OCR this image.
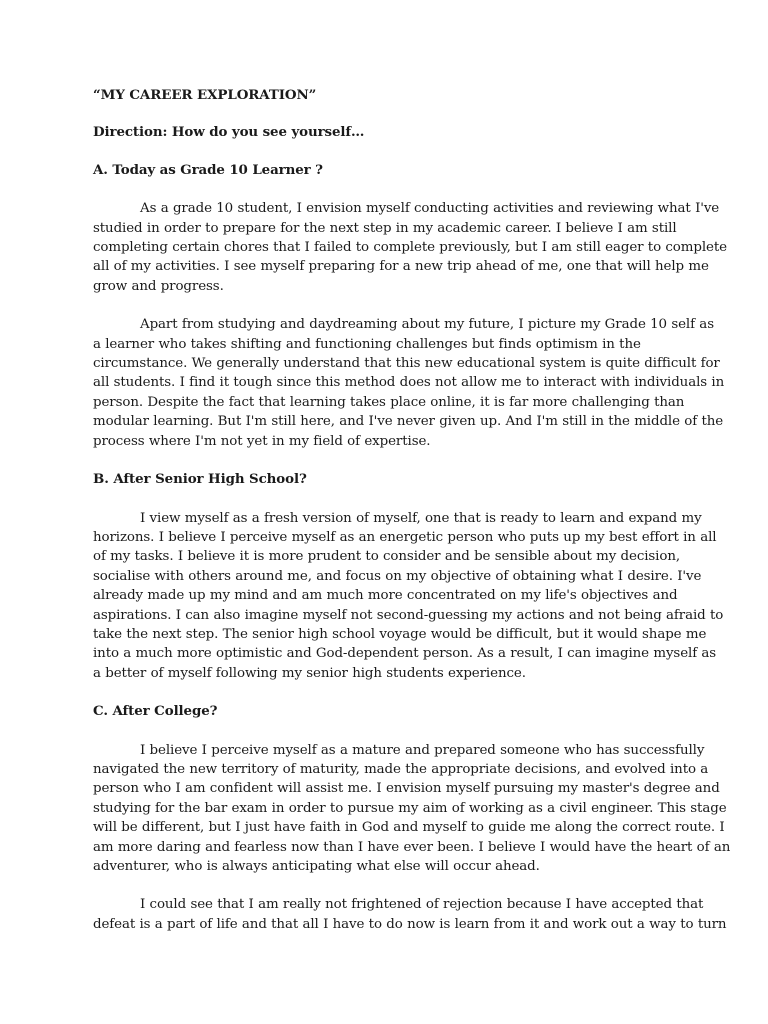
“MY CAREER EXPLORATION”

Direction: How do you see yourself…

A. Today as Grade 10 Learner ?

As a grade 10 student, I envision myself conducting activities and reviewing what I've
studied in order to prepare for the next step in my academic career. I believe I am still
completing certain chores that I failed to complete previously, but I am still eager to complete
all of my activities. I see myself preparing for a new trip ahead of me, one that will help me
grow and progress.

Apart from studying and daydreaming about my future, I picture my Grade 10 self as
a learner who takes shifting and functioning challenges but finds optimism in the
circumstance. We generally understand that this new educational system is quite difficult for
all students. I find it tough since this method does not allow me to interact with individuals in
person. Despite the fact that learning takes place online, it is far more challenging than
modular learning. But I'm still here, and I've never given up. And I'm still in the middle of the
process where I'm not yet in my field of expertise.

B. After Senior High School?

I view myself as a fresh version of myself, one that is ready to learn and expand my
horizons. I believe I perceive myself as an energetic person who puts up my best effort in all
of my tasks. I believe it is more prudent to consider and be sensible about my decision,
socialise with others around me, and focus on my objective of obtaining what I desire. I've
already made up my mind and am much more concentrated on my life's objectives and
aspirations. I can also imagine myself not second-guessing my actions and not being afraid to
take the next step. The senior high school voyage would be difficult, but it would shape me
into a much more optimistic and God-dependent person. As a result, I can imagine myself as
a better of myself following my senior high students experience.

C. After College?

I believe I perceive myself as a mature and prepared someone who has successfully
navigated the new territory of maturity, made the appropriate decisions, and evolved into a
person who I am confident will assist me. I envision myself pursuing my master's degree and
studying for the bar exam in order to pursue my aim of working as a civil engineer. This stage
will be different, but I just have faith in God and myself to guide me along the correct route. I
am more daring and fearless now than I have ever been. I believe I would have the heart of an
adventurer, who is always anticipating what else will occur ahead.

I could see that I am really not frightened of rejection because I have accepted that
defeat is a part of life and that all I have to do now is learn from it and work out a way to turn
